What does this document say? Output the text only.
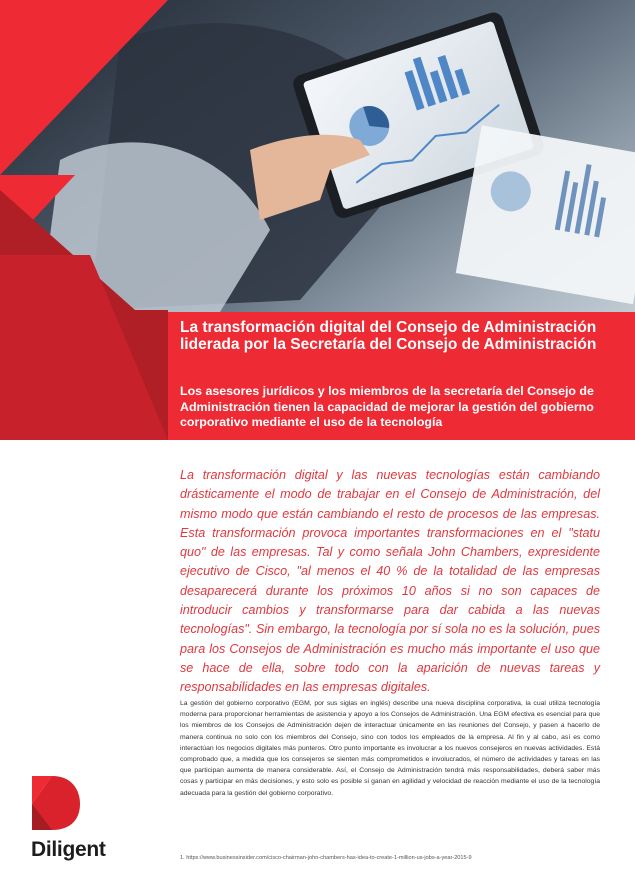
La transformación digital del Consejo de Administración liderada por la Secretaría del Consejo de Administración

Los asesores jurídicos y los miembros de la secretaría del Consejo de Administración tienen la capacidad de mejorar la gestión del gobierno corporativo mediante el uso de la tecnología

La transformación digital y las nuevas tecnologías están cambiando drásticamente el modo de trabajar en el Consejo de Administración, del mismo modo que están cambiando el resto de procesos de las empresas. Esta transformación provoca importantes transformaciones en el "statu quo" de las empresas. Tal y como señala John Chambers, expresidente ejecutivo de Cisco, "al menos el 40 % de la totalidad de las empresas desaparecerá durante los próximos 10 años si no son capaces de introducir cambios y transformarse para dar cabida a las nuevas tecnologías". Sin embargo, la tecnología por sí sola no es la solución, pues para los Consejos de Administración es mucho más importante el uso que se hace de ella, sobre todo con la aparición de nuevas tareas y responsabilidades en las empresas digitales.

La gestión del gobierno corporativo (EGM, por sus siglas en inglés) describe una nueva disciplina corporativa, la cual utiliza tecnología moderna para proporcionar herramientas de asistencia y apoyo a los Consejos de Administración. Una EGM efectiva es esencial para que los miembros de los Consejos de Administración dejen de interactuar únicamente en las reuniones del Consejo, y pasen a hacerlo de manera continua no solo con los miembros del Consejo, sino con todos los empleados de la empresa. Al fin y al cabo, así es como interactúan los negocios digitales más punteros. Otro punto importante es involucrar a los nuevos consejeros en nuevas actividades. Está comprobado que, a medida que los consejeros se sienten más comprometidos e involucrados, el número de actividades y tareas en las que participan aumenta de manera considerable. Así, el Consejo de Administración tendrá más responsabilidades, deberá saber más cosas y participar en más decisiones, y esto solo es posible si ganan en agilidad y velocidad de reacción mediante el uso de la tecnología adecuada para la gestión del gobierno corporativo.

1. https://www.businessinsider.com/cisco-chairman-john-chambers-has-idea-to-create-1-million-us-jobs-a-year-2015-9

Diligent
